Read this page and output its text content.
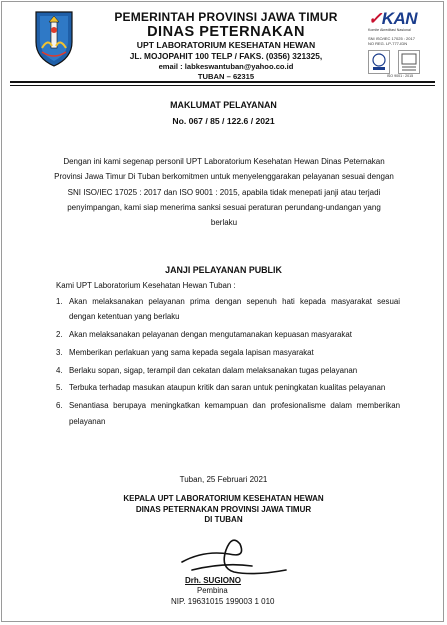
PEMERINTAH PROVINSI JAWA TIMUR
DINAS PETERNAKAN
UPT LABORATORIUM KESEHATAN HEWAN
JL. MOJOPAHIT 100 TELP / FAKS. (0356) 321325,
email : labkeswantuban@yahoo.co.id
TUBAN – 62315
✓KAN
Komite Akreditasi Nasional
SNI ISO/IEC 17025 : 2017
NO REG. LP-777-IDN
ISO 9001 : 2015
MAKLUMAT PELAYANAN
No. 067 / 85 / 122.6 / 2021
Dengan ini kami segenap personil UPT Laboratorium Kesehatan Hewan Dinas Peternakan Provinsi Jawa Timur Di Tuban berkomitmen untuk menyelenggarakan pelayanan sesuai dengan SNI ISO/IEC 17025 : 2017 dan ISO 9001 : 2015, apabila tidak menepati janji atau terjadi penyimpangan, kami siap menerima sanksi sesuai peraturan perundang-undangan yang berlaku
JANJI PELAYANAN PUBLIK
Kami UPT Laboratorium Kesehatan Hewan Tuban :
1. Akan melaksanakan pelayanan prima dengan sepenuh hati kepada masyarakat sesuai dengan ketentuan yang berlaku
2. Akan melaksanakan pelayanan dengan mengutamanakan kepuasan masyarakat
3. Memberikan perlakuan yang sama kepada segala lapisan masyarakat
4. Berlaku sopan, sigap, terampil dan cekatan dalam melaksanakan tugas pelayanan
5. Terbuka terhadap masukan ataupun kritik dan saran untuk peningkatan kualitas pelayanan
6. Senantiasa berupaya meningkatkan kemampuan dan profesionalisme dalam memberikan pelayanan
Tuban, 25 Februari 2021
KEPALA UPT LABORATORIUM KESEHATAN HEWAN
DINAS PETERNAKAN PROVINSI JAWA TIMUR
DI TUBAN
Drh. SUGIONO
Pembina
NIP. 19631015 199003 1 010
